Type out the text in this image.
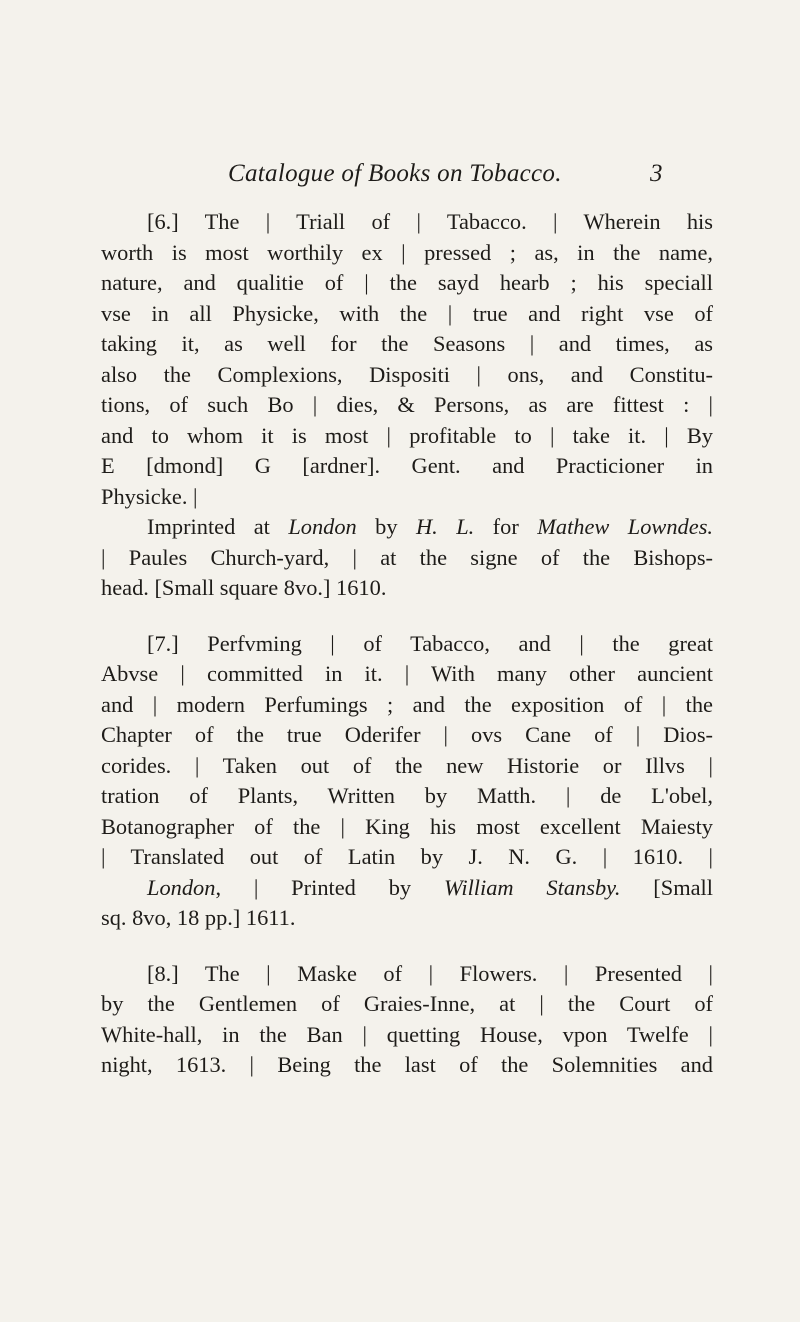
Catalogue of Books on Tobacco.	3

[6.] The | Triall of | Tabacco. | Wherein his

worth is most worthily ex | pressed ; as, in the name,

nature, and qualitie of | the sayd hearb ; his speciall

vse in all Physicke, with the | true and right vse of

taking it, as well for the Seasons | and times, as

also the Complexions, Dispositi | ons, and Constitu-

tions, of such Bo | dies, & Persons, as are fittest : |

and to whom it is most | profitable to | take it. | By

E [dmond] G [ardner]. Gent. and Practicioner in

Physicke. |

Imprinted at London by H. L. for Mathew Lowndes.

| Paules Church-yard, | at the signe of the Bishops-

head. [Small square 8vo.] 1610.

[7.] Perfvming | of Tabacco, and | the great

Abvse | committed in it. | With many other auncient

and | modern Perfumings ; and the exposition of | the

Chapter of the true Oderifer | ovs Cane of | Dios-

corides. | Taken out of the new Historie or Illvs |

tration of Plants, Written by Matth. | de L'obel,

Botanographer of the | King his most excellent Maiesty

| Translated out of Latin by J. N. G. | 1610. |

London, | Printed by William Stansby. [Small

sq. 8vo, 18 pp.] 1611.

[8.] The | Maske of | Flowers. | Presented |

by the Gentlemen of Graies-Inne, at | the Court of

White-hall, in the Ban | quetting House, vpon Twelfe |

night, 1613. | Being the last of the Solemnities and
